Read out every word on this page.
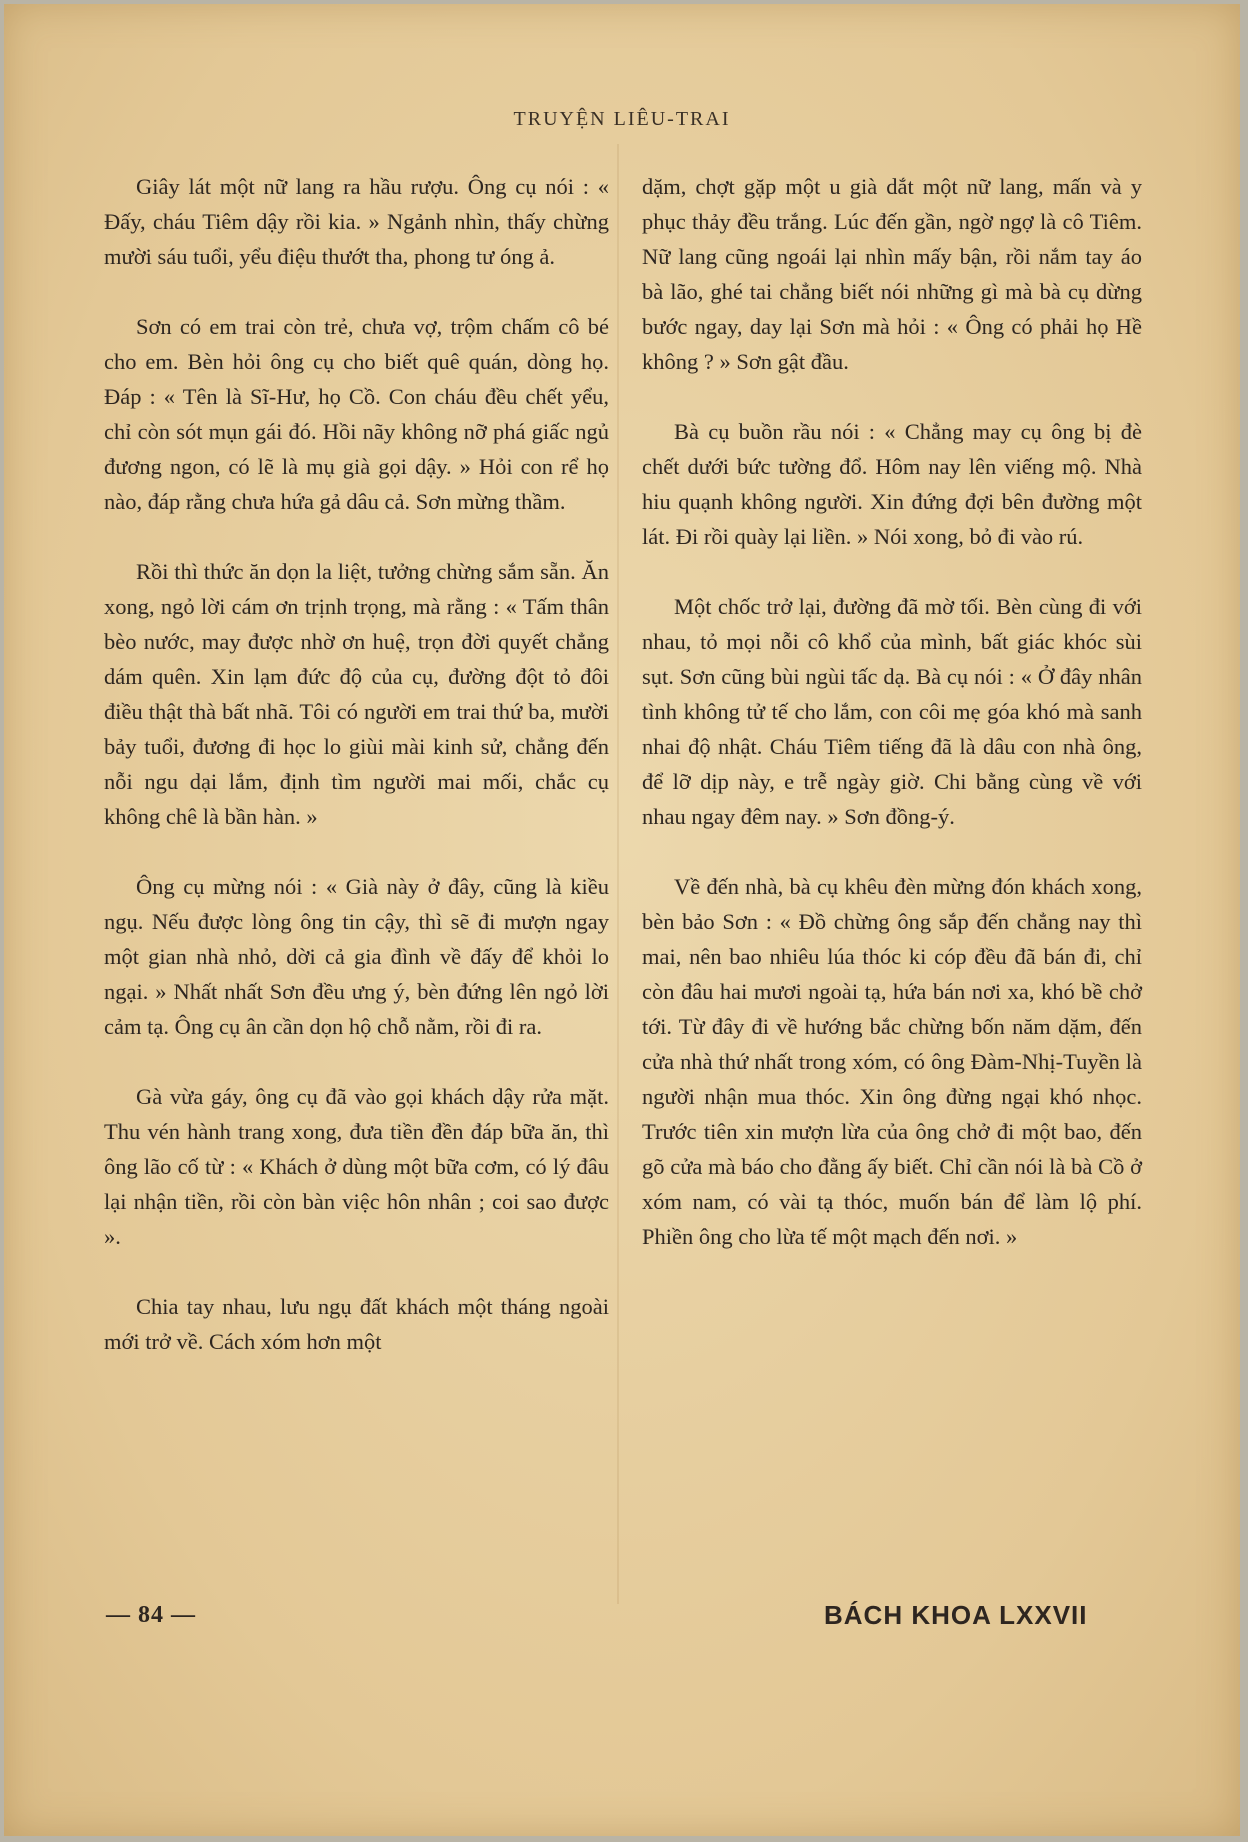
TRUYỆN LIÊU-TRAI

Giây lát một nữ lang ra hầu rượu. Ông cụ nói : « Đấy, cháu Tiêm dậy rồi kia. » Ngảnh nhìn, thấy chừng mười sáu tuổi, yểu điệu thướt tha, phong tư óng ả.

Sơn có em trai còn trẻ, chưa vợ, trộm chấm cô bé cho em. Bèn hỏi ông cụ cho biết quê quán, dòng họ. Đáp : « Tên là Sĩ-Hư, họ Cồ. Con cháu đều chết yểu, chỉ còn sót mụn gái đó. Hồi nãy không nỡ phá giấc ngủ đương ngon, có lẽ là mụ già gọi dậy. » Hỏi con rể họ nào, đáp rằng chưa hứa gả dâu cả. Sơn mừng thầm.

Rồi thì thức ăn dọn la liệt, tưởng chừng sắm sẵn. Ăn xong, ngỏ lời cám ơn trịnh trọng, mà rằng : « Tấm thân bèo nước, may được nhờ ơn huệ, trọn đời quyết chẳng dám quên. Xin lạm đức độ của cụ, đường đột tỏ đôi điều thật thà bất nhã. Tôi có người em trai thứ ba, mười bảy tuổi, đương đi học lo giùi mài kinh sử, chẳng đến nỗi ngu dại lắm, định tìm người mai mối, chắc cụ không chê là bần hàn. »

Ông cụ mừng nói : « Già này ở đây, cũng là kiều ngụ. Nếu được lòng ông tin cậy, thì sẽ đi mượn ngay một gian nhà nhỏ, dời cả gia đình về đấy để khỏi lo ngại. » Nhất nhất Sơn đều ưng ý, bèn đứng lên ngỏ lời cảm tạ. Ông cụ ân cần dọn hộ chỗ nằm, rồi đi ra.

Gà vừa gáy, ông cụ đã vào gọi khách dậy rửa mặt. Thu vén hành trang xong, đưa tiền đền đáp bữa ăn, thì ông lão cố từ : « Khách ở dùng một bữa cơm, có lý đâu lại nhận tiền, rồi còn bàn việc hôn nhân ; coi sao được ».

Chia tay nhau, lưu ngụ đất khách một tháng ngoài mới trở về. Cách xóm hơn một

dặm, chợt gặp một u già dắt một nữ lang, mấn và y phục thảy đều trắng. Lúc đến gần, ngờ ngợ là cô Tiêm. Nữ lang cũng ngoái lại nhìn mấy bận, rồi nắm tay áo bà lão, ghé tai chẳng biết nói những gì mà bà cụ dừng bước ngay, day lại Sơn mà hỏi : « Ông có phải họ Hề không ? » Sơn gật đầu.

Bà cụ buồn rầu nói : « Chẳng may cụ ông bị đè chết dưới bức tường đổ. Hôm nay lên viếng mộ. Nhà hiu quạnh không người. Xin đứng đợi bên đường một lát. Đi rồi quày lại liền. » Nói xong, bỏ đi vào rú.

Một chốc trở lại, đường đã mờ tối. Bèn cùng đi với nhau, tỏ mọi nỗi cô khổ của mình, bất giác khóc sùi sụt. Sơn cũng bùi ngùi tấc dạ. Bà cụ nói : « Ở đây nhân tình không tử tế cho lắm, con côi mẹ góa khó mà sanh nhai độ nhật. Cháu Tiêm tiếng đã là dâu con nhà ông, để lỡ dịp này, e trễ ngày giờ. Chi bằng cùng về với nhau ngay đêm nay. » Sơn đồng-ý.

Về đến nhà, bà cụ khêu đèn mừng đón khách xong, bèn bảo Sơn : « Đồ chừng ông sắp đến chẳng nay thì mai, nên bao nhiêu lúa thóc ki cóp đều đã bán đi, chỉ còn đâu hai mươi ngoài tạ, hứa bán nơi xa, khó bề chở tới. Từ đây đi về hướng bắc chừng bốn năm dặm, đến cửa nhà thứ nhất trong xóm, có ông Đàm-Nhị-Tuyền là người nhận mua thóc. Xin ông đừng ngại khó nhọc. Trước tiên xin mượn lừa của ông chở đi một bao, đến gõ cửa mà báo cho đằng ấy biết. Chỉ cần nói là bà Cồ ở xóm nam, có vài tạ thóc, muốn bán để làm lộ phí. Phiền ông cho lừa tế một mạch đến nơi. »

— 84 —	BÁCH KHOA LXXVII
